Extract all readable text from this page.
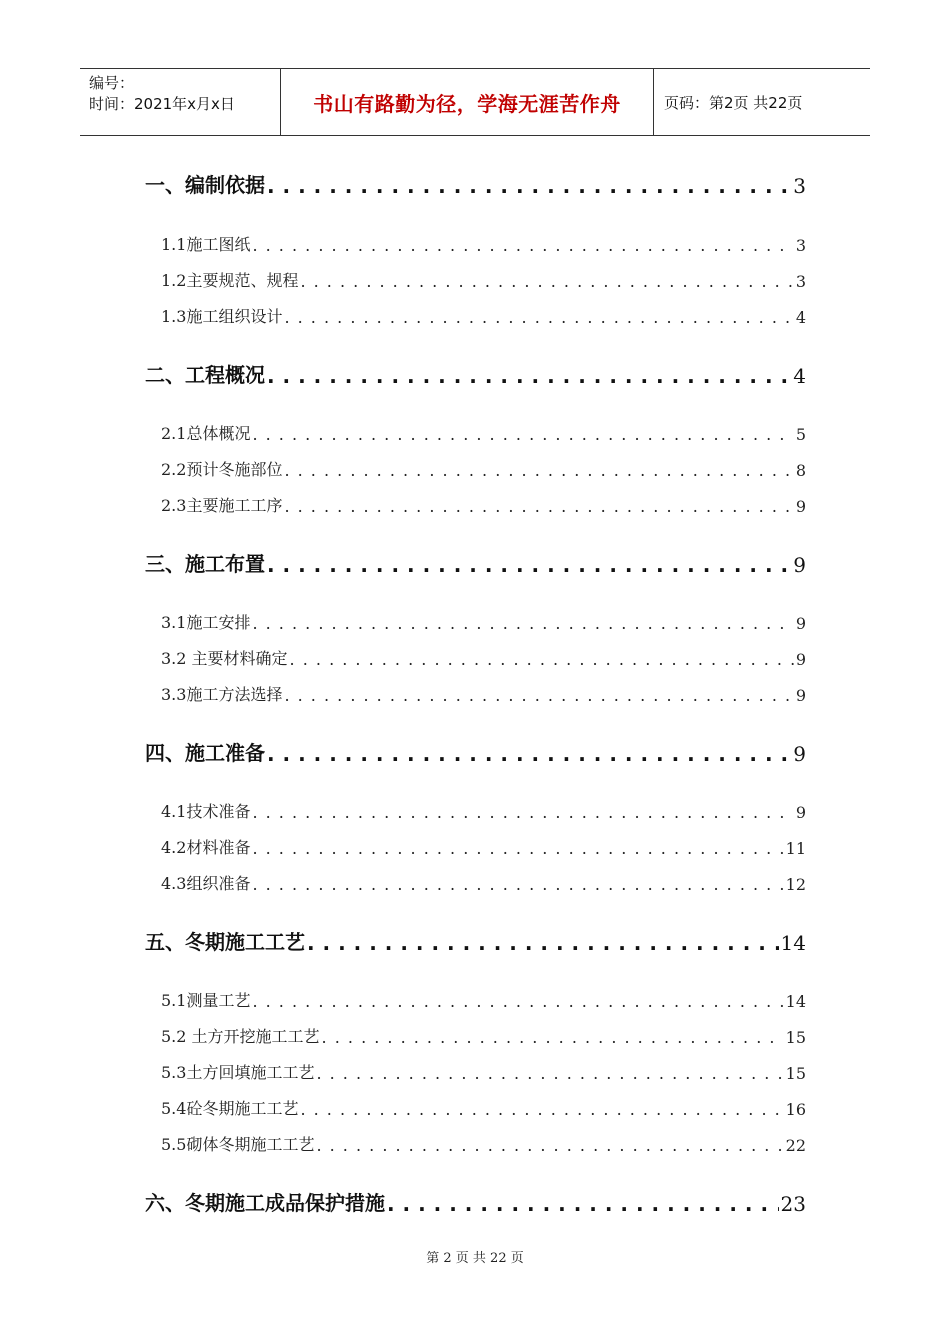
编号：
时间：2021年x月x日	书山有路勤为径，学海无涯苦作舟	页码：第2页 共22页
一、编制依据 . . .	3
1.1施工图纸 . . .	3
1.2主要规范、规程 . . .	3
1.3施工组织设计 . . .	4
二、工程概况 . . .	4
2.1总体概况 . . .	5
2.2预计冬施部位 . . .	8
2.3主要施工工序 . . .	9
三、施工布置 . . .	9
3.1施工安排 . . .	9
3.2 主要材料确定 . . .	9
3.3施工方法选择 . . .	9
四、施工准备 . . .	9
4.1技术准备 . . .	9
4.2材料准备 . . .	11
4.3组织准备 . . .	12
五、冬期施工工艺 . . .	14
5.1测量工艺 . . .	14
5.2 土方开挖施工工艺 . . .	15
5.3土方回填施工工艺 . . .	15
5.4砼冬期施工工艺 . . .	16
5.5砌体冬期施工工艺 . . .	22
六、冬期施工成品保护措施 . . .	23
第 2 页 共 22 页
